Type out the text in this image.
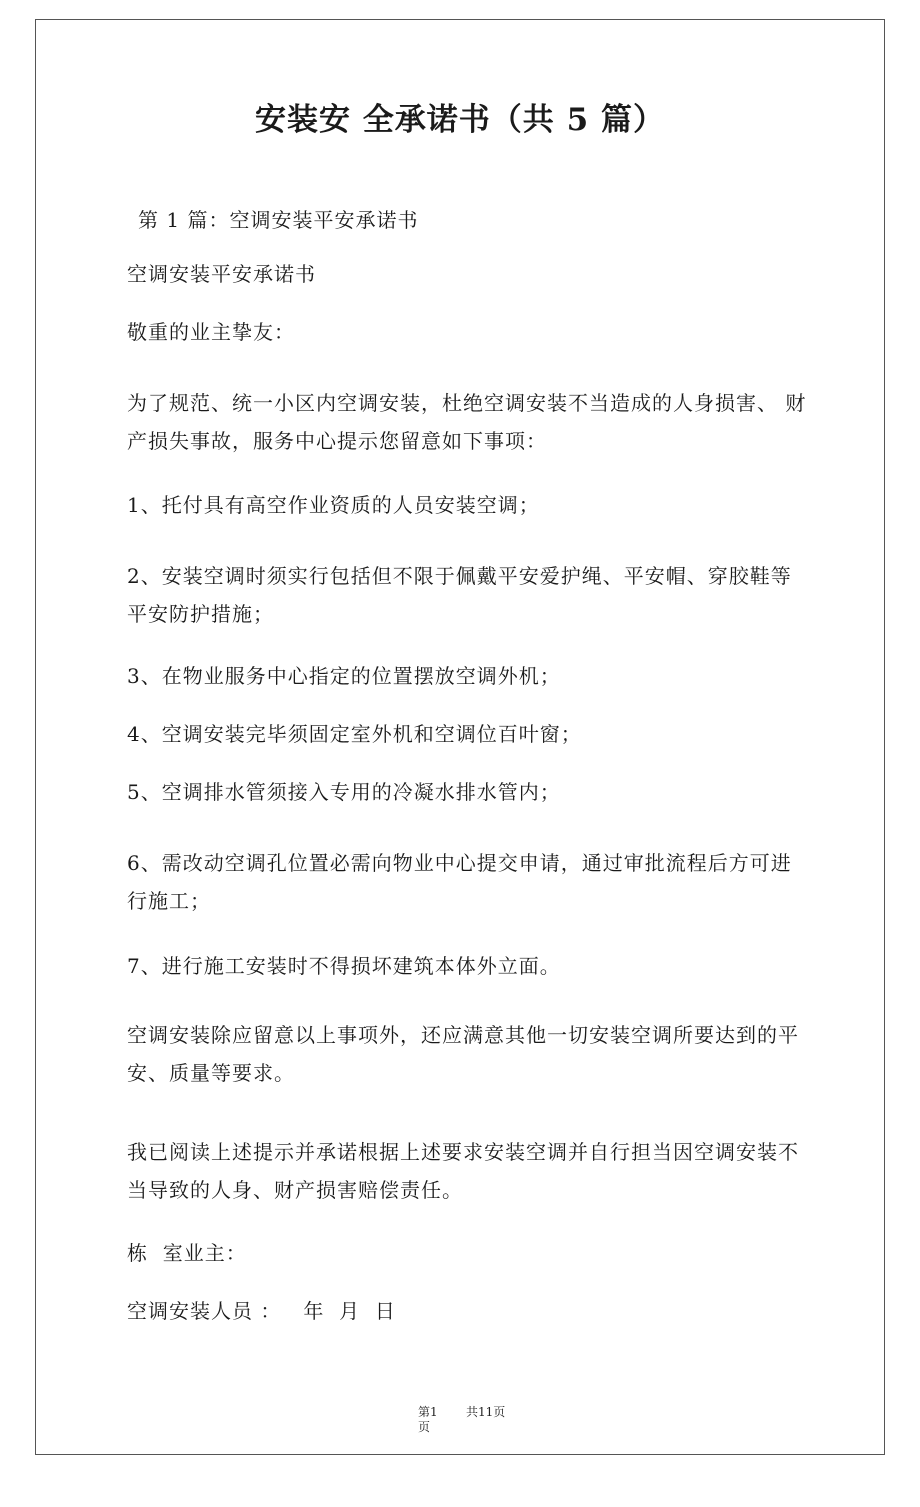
安装安 全承诺书（共 5 篇）
第 1 篇：空调安装平安承诺书
空调安装平安承诺书
敬重的业主挚友：
为了规范、统一小区内空调安装，杜绝空调安装不当造成的人身损害、 财产损失事故，服务中心提示您留意如下事项：
1、托付具有高空作业资质的人员安装空调；
2、安装空调时须实行包括但不限于佩戴平安爱护绳、平安帽、穿胶鞋等平安防护措施；
3、在物业服务中心指定的位置摆放空调外机；
4、空调安装完毕须固定室外机和空调位百叶窗；
5、空调排水管须接入专用的冷凝水排水管内；
6、需改动空调孔位置必需向物业中心提交申请，通过审批流程后方可进行施工；
7、进行施工安装时不得损坏建筑本体外立面。
空调安装除应留意以上事项外，还应满意其他一切安装空调所要达到的平安、质量等要求。
我已阅读上述提示并承诺根据上述要求安装空调并自行担当因空调安装不当导致的人身、财产损害赔偿责任。
栋  室业主：
空调安装人员 ：   年  月  日
第1 页
共11页
